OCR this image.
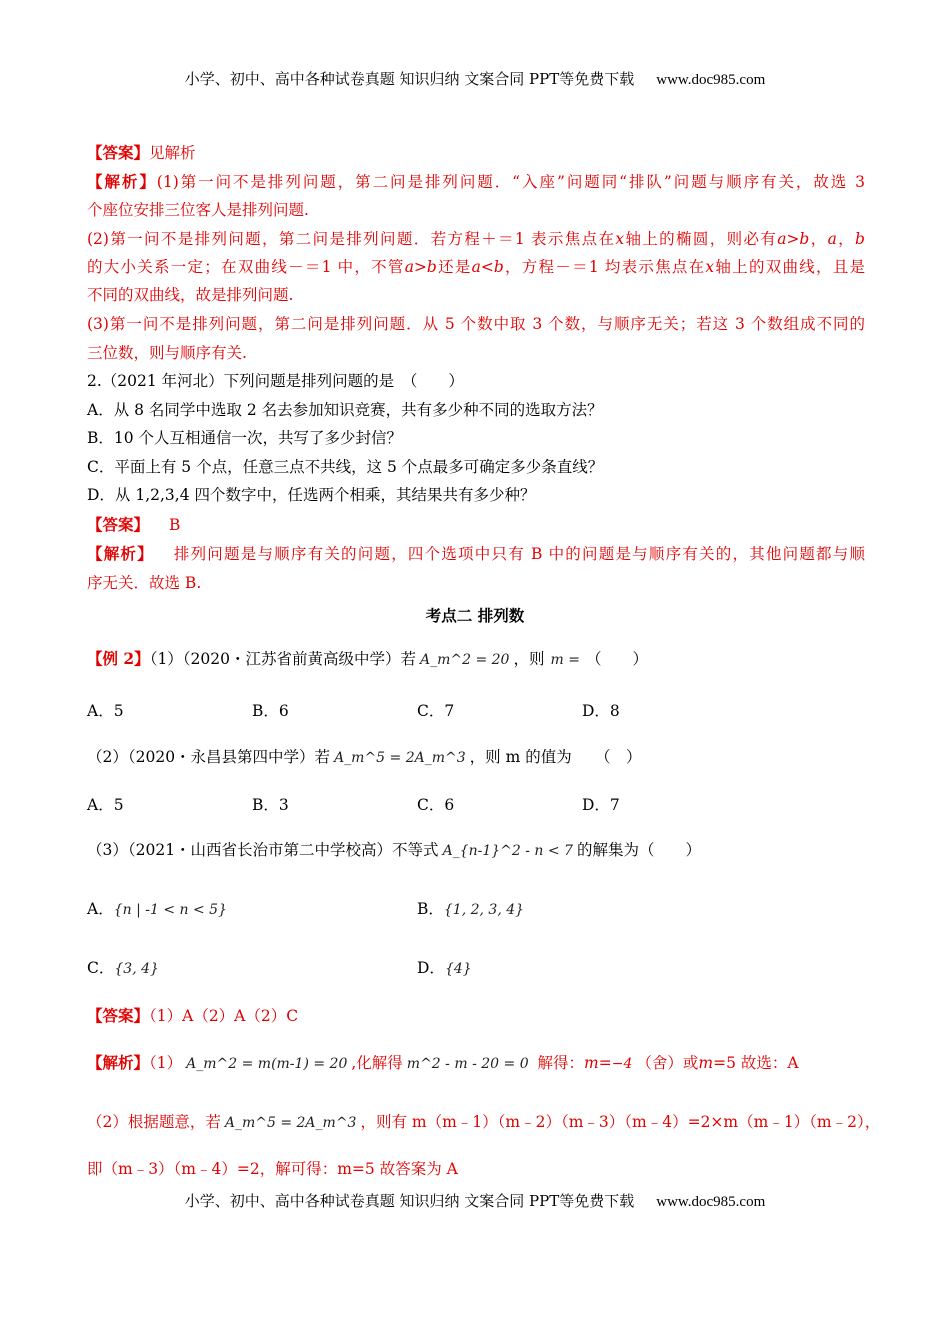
小学、初中、高中各种试卷真题 知识归纳 文案合同 PPT等免费下载 www.doc985.com
【答案】见解析
【解析】(1)第一问不是排列问题，第二问是排列问题．“入座”问题同“排队”问题与顺序有关，故选 3
个座位安排三位客人是排列问题.
(2)第一问不是排列问题，第二问是排列问题．若方程＋＝1 表示焦点在x轴上的椭圆，则必有a>b，a，b
的大小关系一定；在双曲线－＝1 中，不管a>b还是a<b，方程－＝1 均表示焦点在x轴上的双曲线，且是
不同的双曲线，故是排列问题.
(3)第一问不是排列问题，第二问是排列问题．从 5 个数中取 3 个数，与顺序无关；若这 3 个数组成不同的
三位数，则与顺序有关.
2.（2021 年河北）下列问题是排列问题的是　（　　）
A．从 8 名同学中选取 2 名去参加知识竞赛，共有多少种不同的选取方法？
B．10 个人互相通信一次，共写了多少封信？
C．平面上有 5 个点，任意三点不共线，这 5 个点最多可确定多少条直线？
D．从 1,2,3,4 四个数字中，任选两个相乘，其结果共有多少种？
【答案】 B
【解析】 排列问题是与顺序有关的问题，四个选项中只有 B 中的问题是与顺序有关的，其他问题都与顺
序无关．故选 B.
考点二 排列数
【例 2】（1）（2020・江苏省前黄高级中学）若 A_m^2 = 20 ，则 m = （　　）
A．5	B．6	C．7	D．8
（2）（2020・永昌县第四中学）若 A_m^5 = 2A_m^3 ，则 m 的值为　　（　）
A．5	B．3	C．6	D．7
（3）（2021・山西省长治市第二中学校高）不等式 A_{n-1}^2 - n < 7 的解集为（　　）
A．{n | -1 < n < 5}	B．{1, 2, 3, 4}
C．{3, 4}	D．{4}
【答案】（1）A（2）A（2）C
【解析】（1） A_m^2 = m(m-1) = 20 ,化解得 m^2 - m - 20 = 0 解得：m=−4 （舍）或m=5 故选：A
（2）根据题意，若 A_m^5 = 2A_m^3 ，则有 m（m﹣1）（m﹣2）（m﹣3）（m﹣4）=2×m（m﹣1）（m﹣2），
即（m﹣3）（m﹣4）=2，解可得：m=5 故答案为 A
小学、初中、高中各种试卷真题 知识归纳 文案合同 PPT等免费下载 www.doc985.com
